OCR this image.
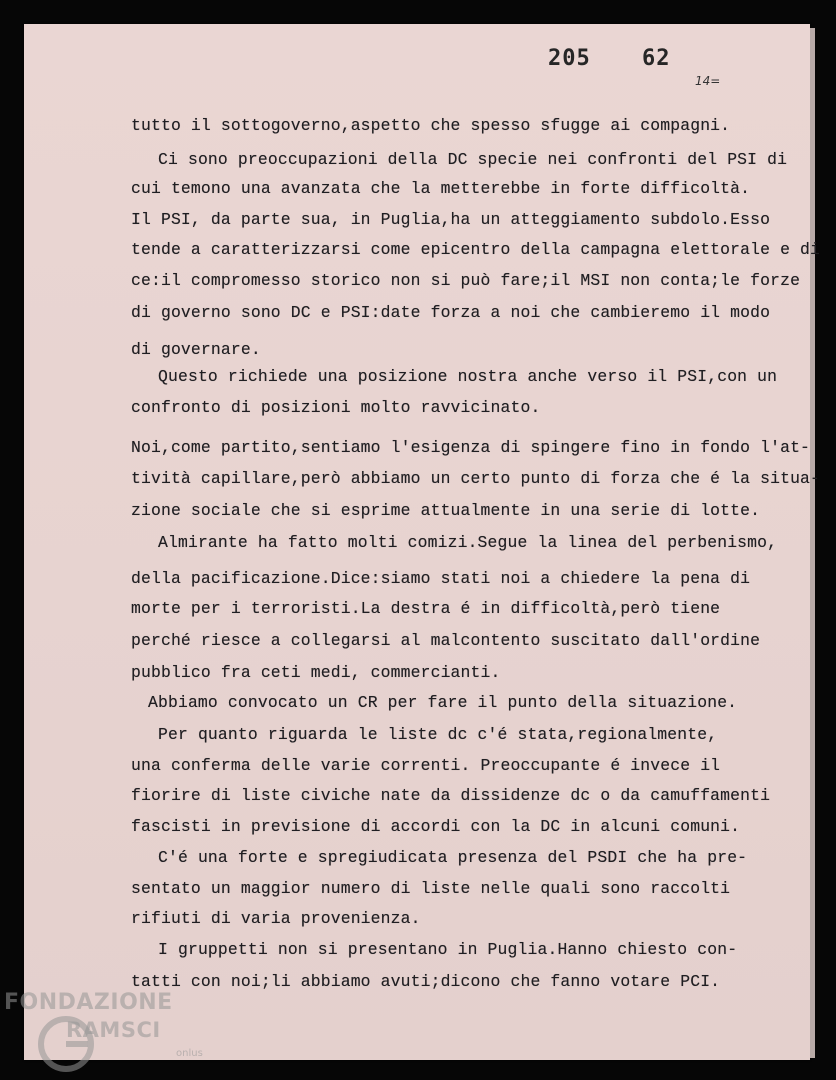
205 62
14=
tutto il sottogoverno,aspetto che spesso sfugge ai compagni.
Ci sono preoccupazioni della DC specie nei confronti del PSI di
cui temono una avanzata che la metterebbe in forte difficoltà.
Il PSI, da parte sua, in Puglia,ha un atteggiamento subdolo.Esso
tende a caratterizzarsi come epicentro della campagna elettorale e di
ce:il compromesso storico non si può fare;il MSI non conta;le forze
di governo sono DC e PSI:date forza a noi che cambieremo il modo
di governare.
Questo richiede una posizione nostra anche verso il PSI,con un
confronto di posizioni molto ravvicinato.
Noi,come partito,sentiamo l'esigenza di spingere fino in fondo l'at-
tività capillare,però abbiamo un certo punto di forza che é la situa-
zione sociale che si esprime attualmente in una serie di lotte.
Almirante ha fatto molti comizi.Segue la linea del perbenismo,
della pacificazione.Dice:siamo stati noi a chiedere la pena di
morte per i terroristi.La destra é in difficoltà,però tiene
perché riesce a collegarsi al malcontento suscitato dall'ordine
pubblico fra ceti medi, commercianti.
Abbiamo convocato un CR per fare il punto della situazione.
Per quanto riguarda le liste dc c'é stata,regionalmente,
una conferma delle varie correnti. Preoccupante é invece il
fiorire di liste civiche nate da dissidenze dc o da camuffamenti
fascisti in previsione di accordi con la DC in alcuni comuni.
C'é una forte e spregiudicata presenza del PSDI che ha pre-
sentato un maggior numero di liste nelle quali sono raccolti
rifiuti di varia provenienza.
I gruppetti non si presentano in Puglia.Hanno chiesto con-
tatti con noi;li abbiamo avuti;dicono che fanno votare PCI.
FONDAZIONE
RAMSCI
onlus
